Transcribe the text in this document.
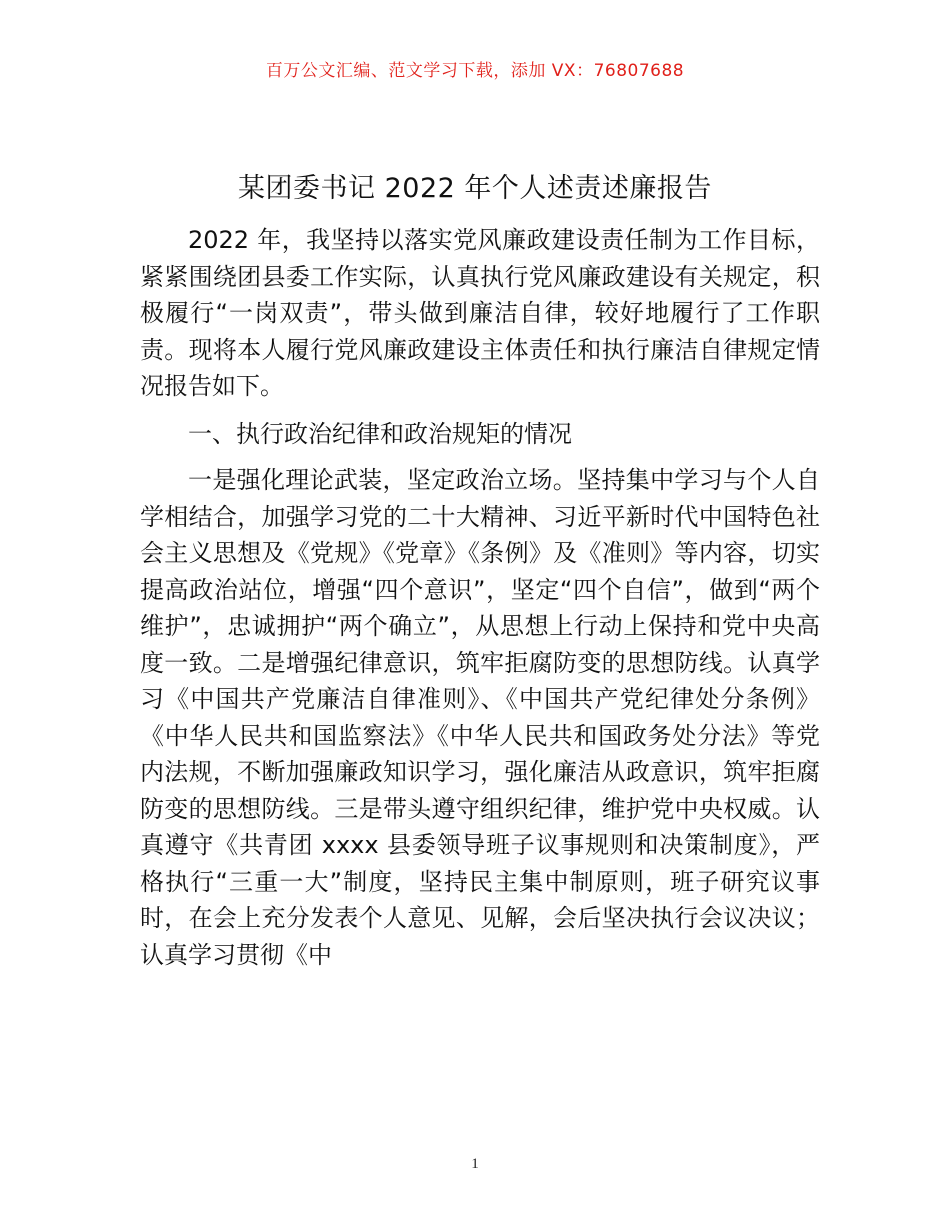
百万公文汇编、范文学习下载，添加 VX：76807688
某团委书记 2022 年个人述责述廉报告

2022 年，我坚持以落实党风廉政建设责任制为工作目标，紧紧围绕团县委工作实际，认真执行党风廉政建设有关规定，积极履行“一岗双责”，带头做到廉洁自律，较好地履行了工作职责。现将本人履行党风廉政建设主体责任和执行廉洁自律规定情况报告如下。

一、执行政治纪律和政治规矩的情况

一是强化理论武装，坚定政治立场。坚持集中学习与个人自学相结合，加强学习党的二十大精神、习近平新时代中国特色社会主义思想及《党规》《党章》《条例》及《准则》等内容，切实提高政治站位，增强“四个意识”，坚定“四个自信”，做到“两个维护”，忠诚拥护“两个确立”，从思想上行动上保持和党中央高度一致。二是增强纪律意识，筑牢拒腐防变的思想防线。认真学习《中国共产党廉洁自律准则》、《中国共产党纪律处分条例》《中华人民共和国监察法》《中华人民共和国政务处分法》等党内法规，不断加强廉政知识学习，强化廉洁从政意识，筑牢拒腐防变的思想防线。三是带头遵守组织纪律，维护党中央权威。认真遵守《共青团 xxxx 县委领导班子议事规则和决策制度》，严格执行“三重一大”制度，坚持民主集中制原则，班子研究议事时，在会上充分发表个人意见、见解，会后坚决执行会议决议；认真学习贯彻《中

1
